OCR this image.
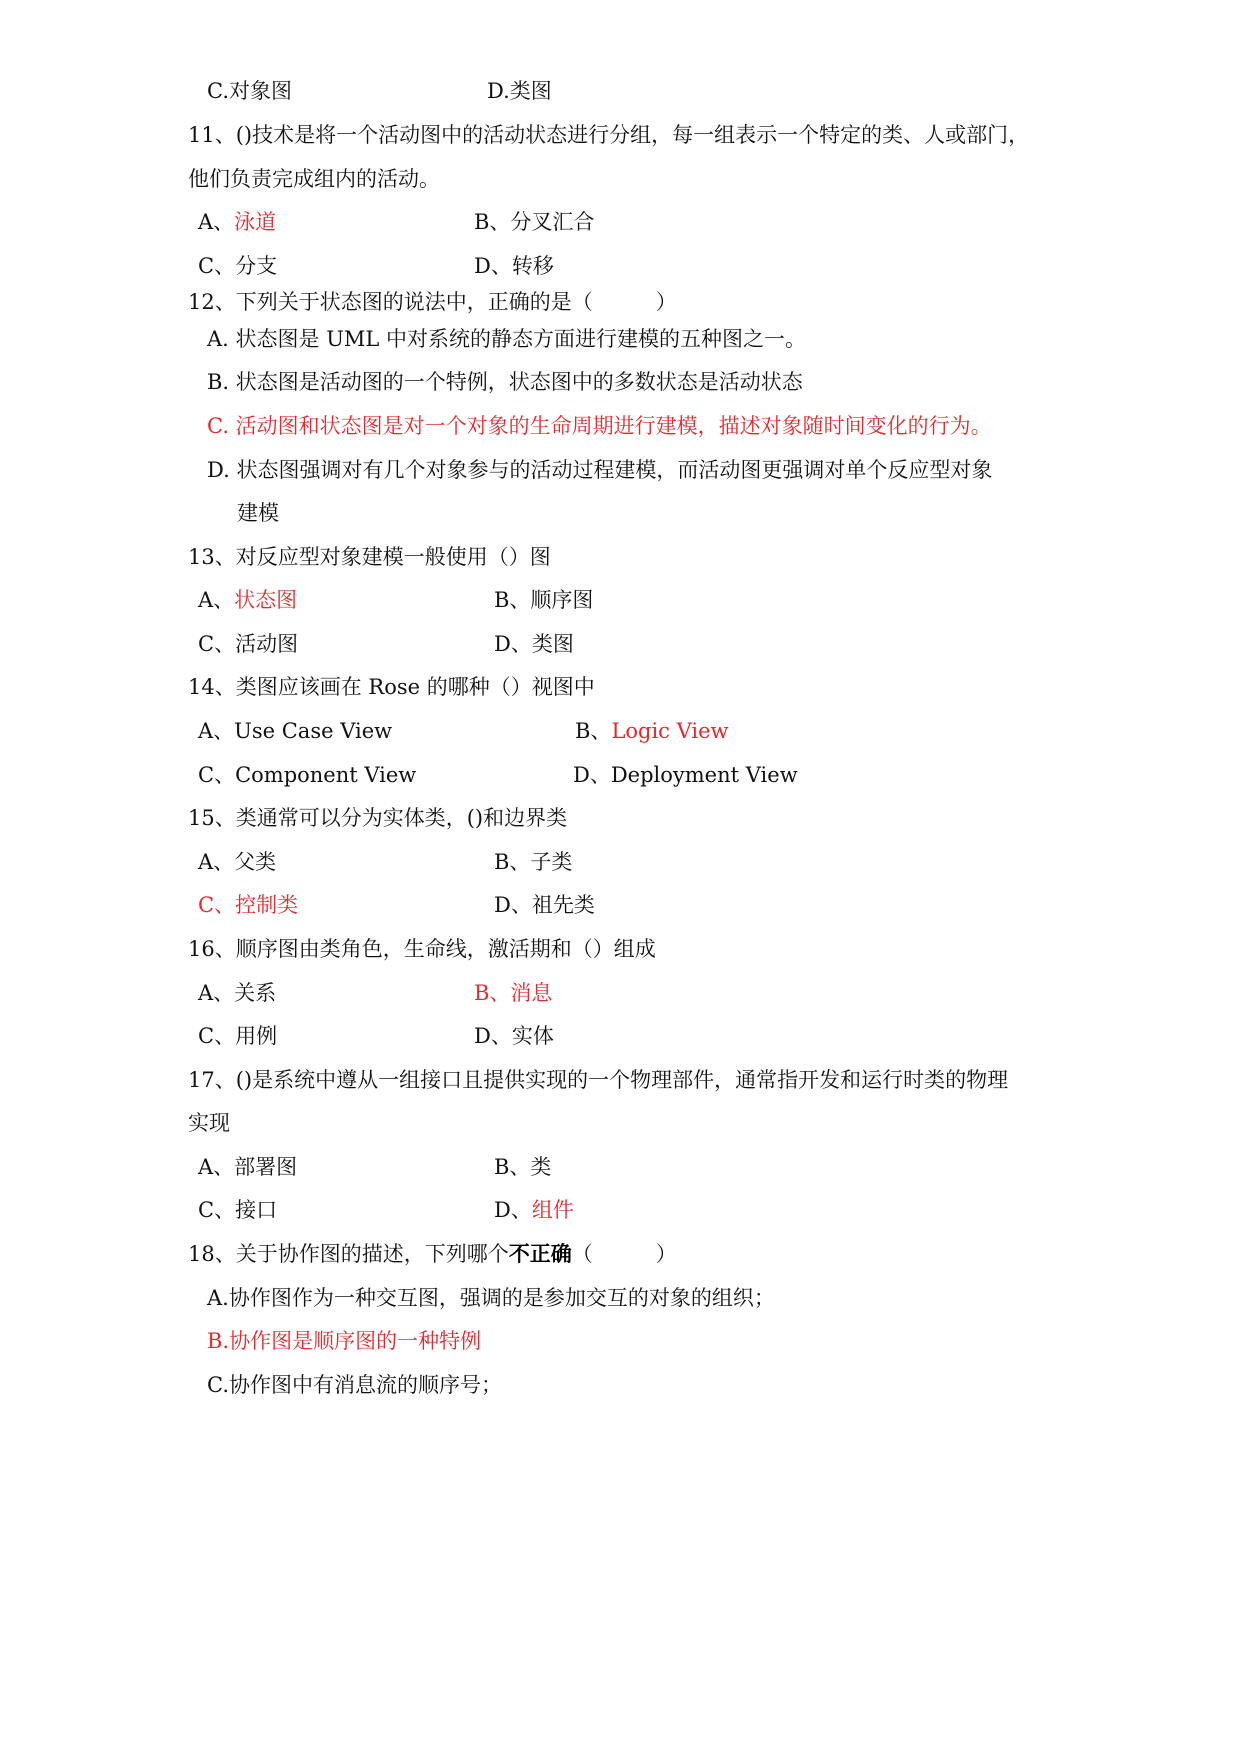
C.对象图	D.类图
11、()技术是将一个活动图中的活动状态进行分组，每一组表示一个特定的类、人或部门，
他们负责完成组内的活动。
A、泳道	B、分叉汇合
C、分支	D、转移
12、下列关于状态图的说法中，正确的是（　　　）
A. 状态图是 UML 中对系统的静态方面进行建模的五种图之一。
B. 状态图是活动图的一个特例，状态图中的多数状态是活动状态
C. 活动图和状态图是对一个对象的生命周期进行建模，描述对象随时间变化的行为。
D. 状态图强调对有几个对象参与的活动过程建模，而活动图更强调对单个反应型对象
建模
13、对反应型对象建模一般使用（）图
A、状态图	B、顺序图
C、活动图	D、类图
14、类图应该画在 Rose 的哪种（）视图中
A、Use Case View	B、Logic View
C、Component View	D、Deployment View
15、类通常可以分为实体类，()和边界类
A、父类	B、子类
C、控制类	D、祖先类
16、顺序图由类角色，生命线，激活期和（）组成
A、关系	B、消息
C、用例	D、实体
17、()是系统中遵从一组接口且提供实现的一个物理部件，通常指开发和运行时类的物理
实现
A、部署图	B、类
C、接口	D、组件
18、关于协作图的描述，下列哪个不正确（　　　）
A.协作图作为一种交互图，强调的是参加交互的对象的组织；
B.协作图是顺序图的一种特例
C.协作图中有消息流的顺序号；
